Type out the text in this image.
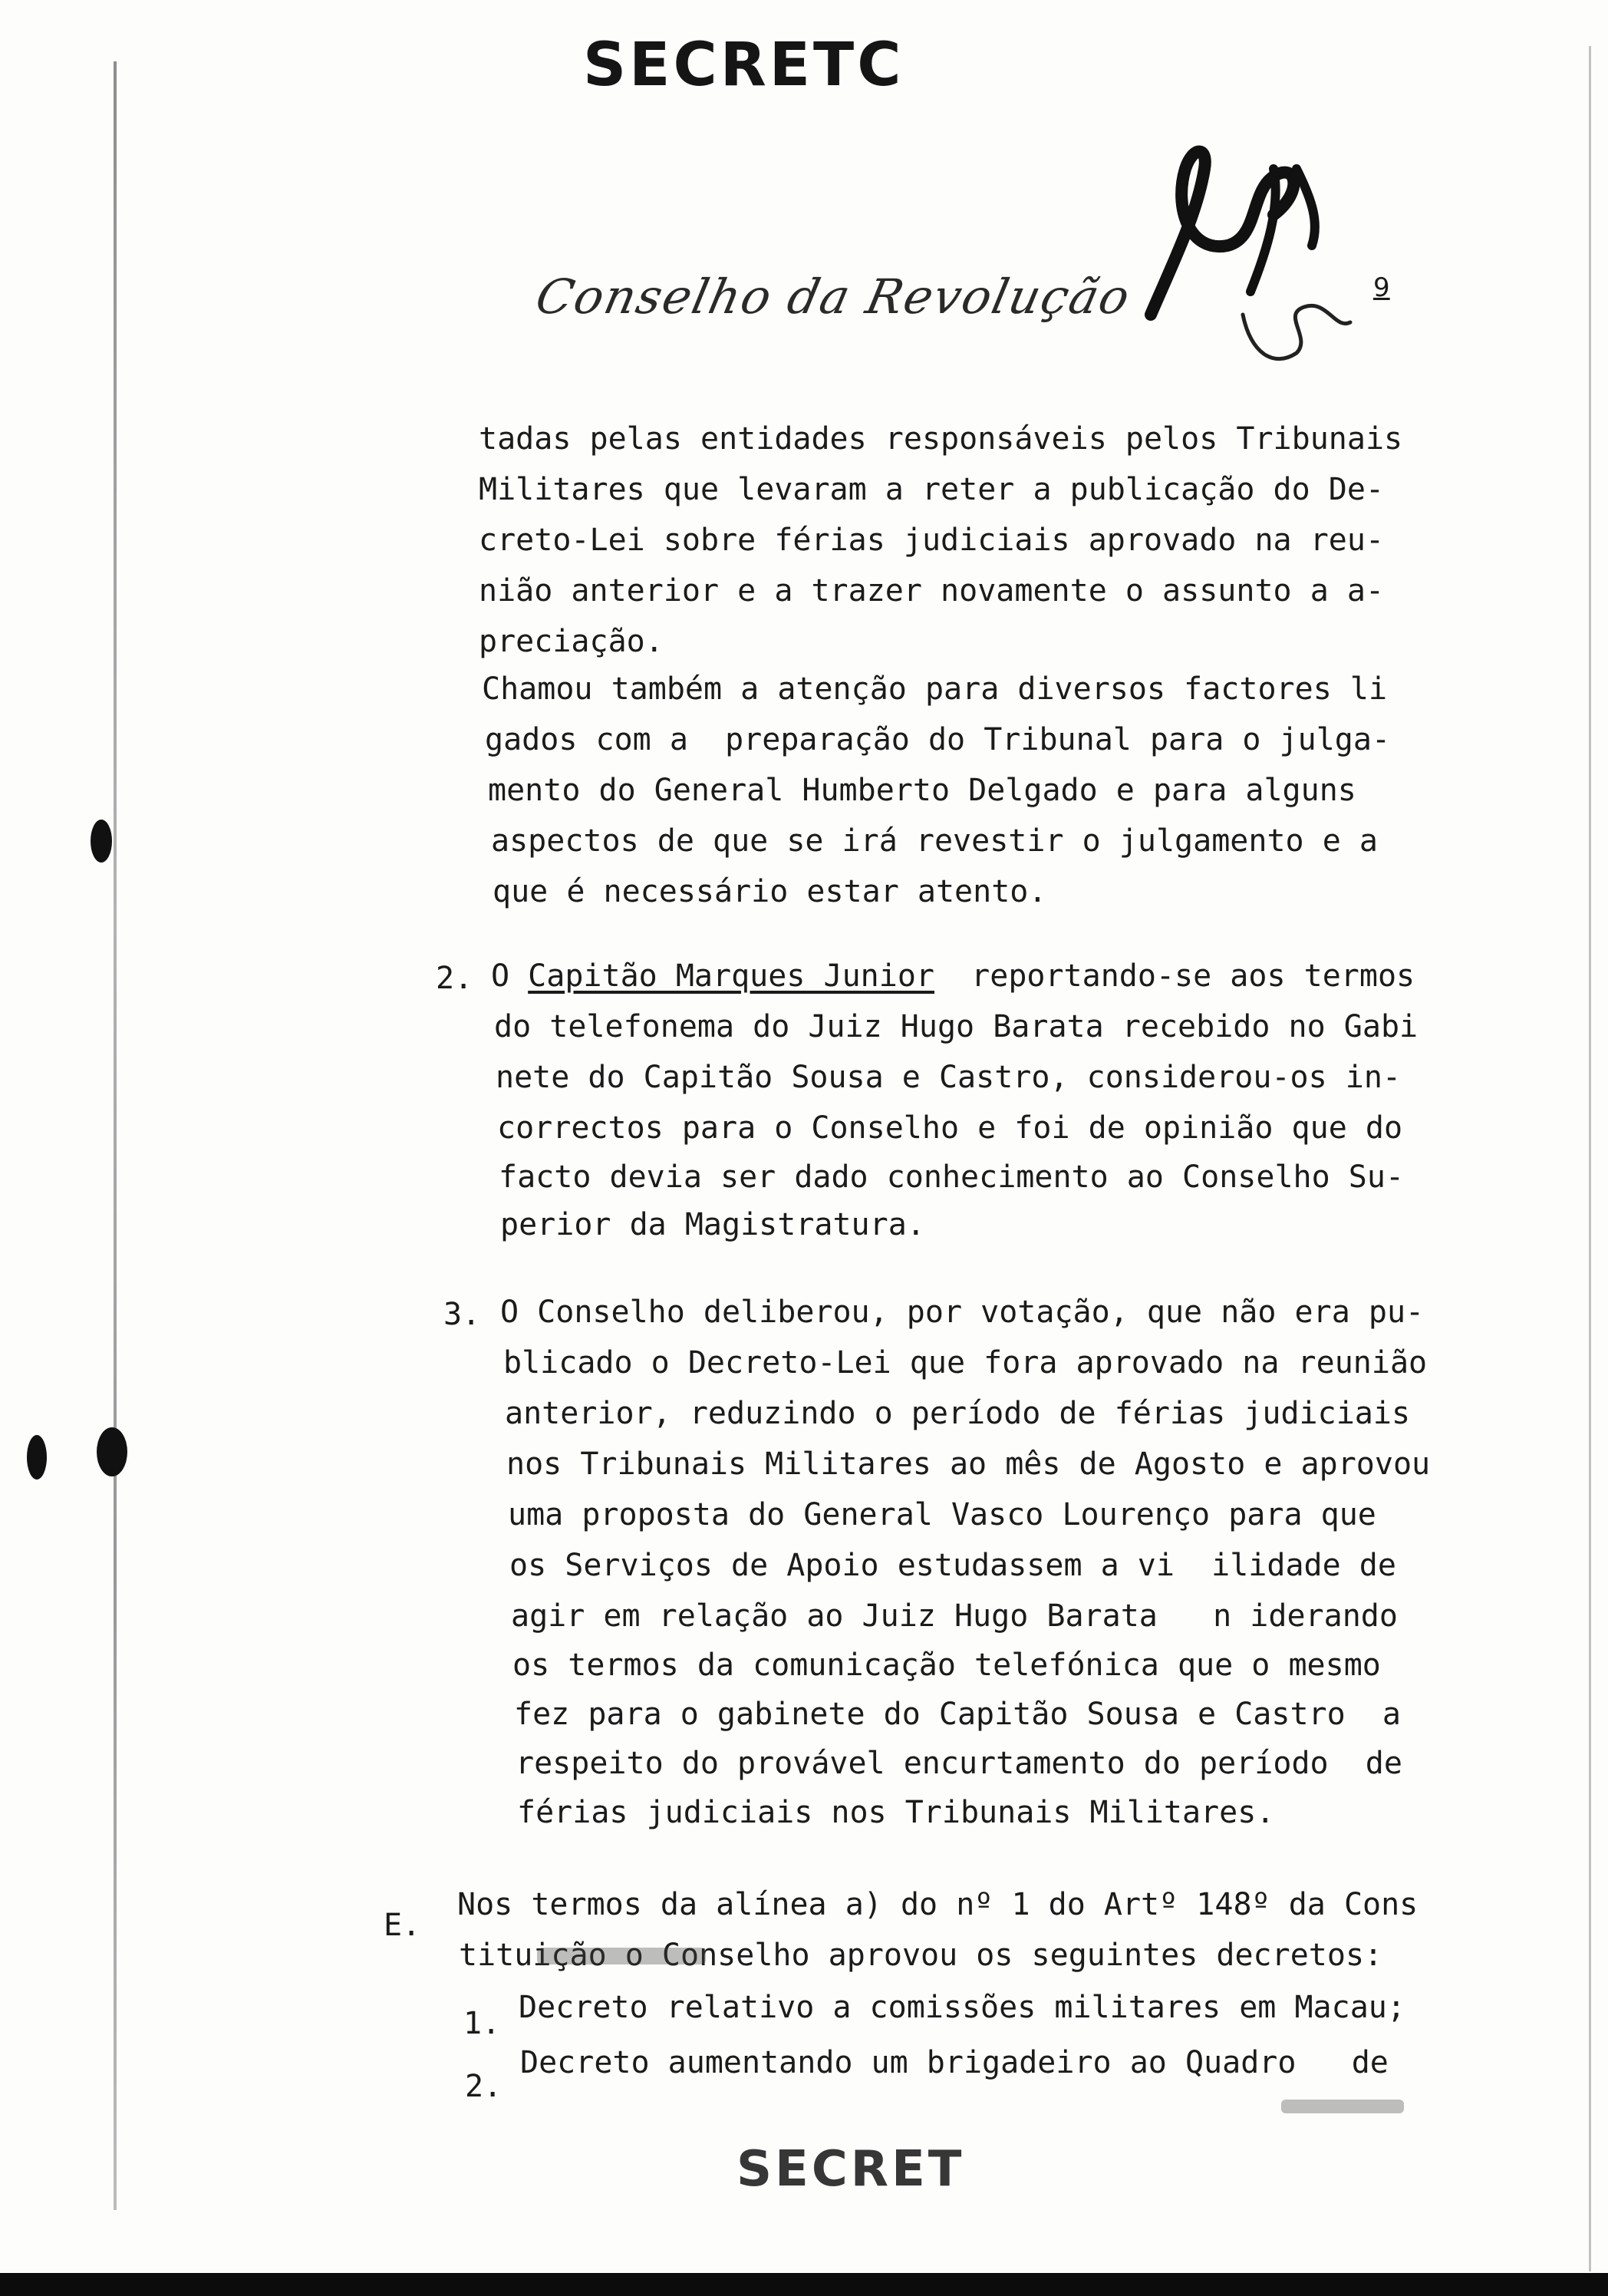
SECRETC
Conselho da Revolução	9
tadas pelas entidades responsáveis pelos Tribunais
Militares que levaram a reter a publicação do De-
creto-Lei sobre férias judiciais aprovado na reu-
nião anterior e a trazer novamente o assunto a a-
preciação.
Chamou também a atenção para diversos factores li
gados com a  preparação do Tribunal para o julga-
mento do General Humberto Delgado e para alguns
aspectos de que se irá revestir o julgamento e a
que é necessário estar atento.
2. O Capitão Marques Junior  reportando-se aos termos
do telefonema do Juiz Hugo Barata recebido no Gabi
nete do Capitão Sousa e Castro, considerou-os in-
correctos para o Conselho e foi de opinião que do
facto devia ser dado conhecimento ao Conselho Su-
perior da Magistratura.
3. O Conselho deliberou, por votação, que não era pu-
blicado o Decreto-Lei que fora aprovado na reunião
anterior, reduzindo o período de férias judiciais
nos Tribunais Militares ao mês de Agosto e aprovou
uma proposta do General Vasco Lourenço para que
os Serviços de Apoio estudassem a vi  ilidade de
agir em relação ao Juiz Hugo Barata   n iderando
os termos da comunicação telefónica que o mesmo
fez para o gabinete do Capitão Sousa e Castro  a
respeito do provável encurtamento do período  de
férias judiciais nos Tribunais Militares.
E.
Nos termos da alínea a) do nº 1 do Artº 148º da Cons
tituição o Conselho aprovou os seguintes decretos:
1. Decreto relativo a comissões militares em Macau;
2.
Decreto aumentando um brigadeiro ao Quadro   de
SECRET
